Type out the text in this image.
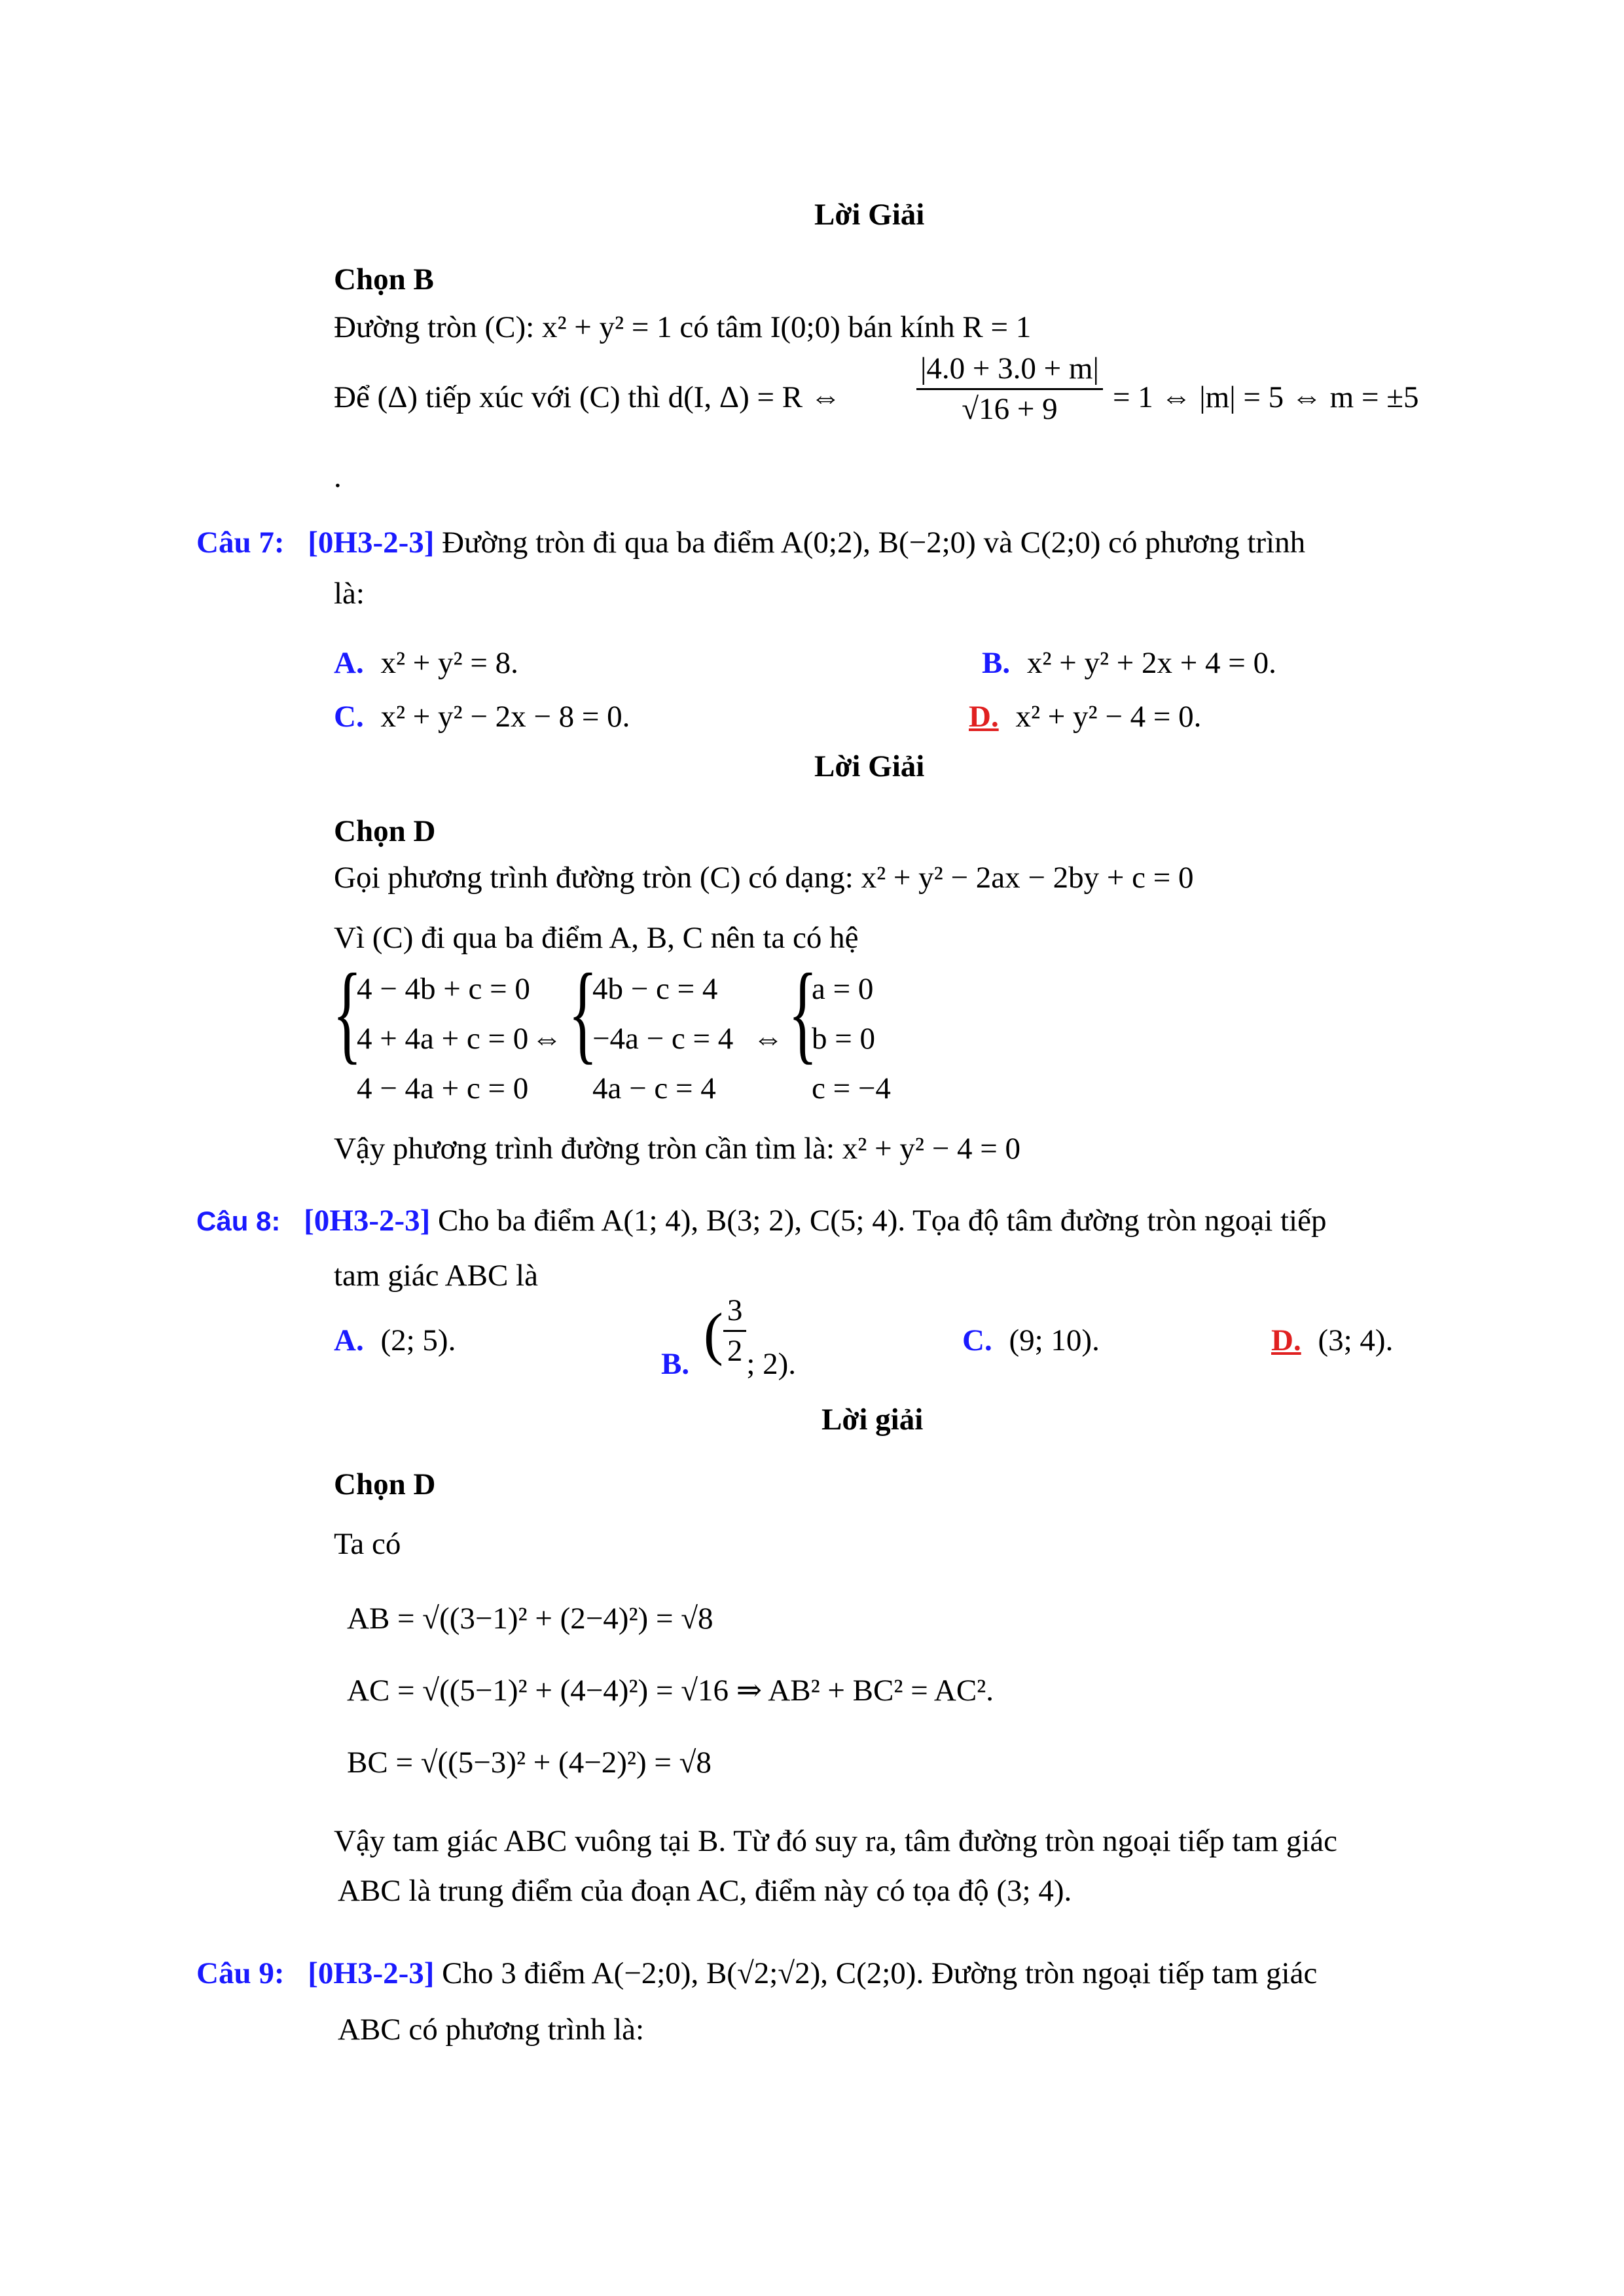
Lời Giải
Chọn B
Đường tròn (C): x² + y² = 1 có tâm I(0;0) bán kính R = 1
Để (Δ) tiếp xúc với (C) thì d(I, Δ) = R ⇔ $\frac{|4.0 + 3.0 + m|}{√16 + 9} = 1$ ⇔ |m| = 5 ⇔ m = ±5
.
Câu 7: [0H3-2-3] Đường tròn đi qua ba điểm A(0;2), B(−2;0) và C(2;0) có phương trình
là:
A. x² + y² = 8.	B. x² + y² + 2x + 4 = 0.
C. x² + y² − 2x − 8 = 0.	D. x² + y² − 4 = 0.
Lời Giải
Chọn D
Gọi phương trình đường tròn (C) có dạng: x² + y² − 2ax − 2by + c = 0
Vì (C) đi qua ba điểm A, B, C nên ta có hệ
{
4 − 4b + c = 0
4 + 4a + c = 0
4 − 4a + c = 0
⇔ {
4b − c = 4
−4a − c = 4
4a − c = 4
⇔ {
a = 0
b = 0
c = −4
Vậy phương trình đường tròn cần tìm là: x² + y² − 4 = 0
Câu 8: [0H3-2-3] Cho ba điểm A(1; 4), B(3; 2), C(5; 4). Tọa độ tâm đường tròn ngoại tiếp
tam giác ABC là
A. (2; 5).
B. ( $\frac{3}{2}$ ; 2).
C. (9; 10).	D. (3; 4).
Lời giải
Chọn D
Ta có
AB = √((3−1)² + (2−4)²) = √8
AC = √((5−1)² + (4−4)²) = √16 ⇒ AB² + BC² = AC².
BC = √((5−3)² + (4−2)²) = √8
Vậy tam giác ABC vuông tại B. Từ đó suy ra, tâm đường tròn ngoại tiếp tam giác
ABC là trung điểm của đoạn AC, điểm này có tọa độ (3; 4).
Câu 9: [0H3-2-3] Cho 3 điểm A(−2;0), B(√2;√2), C(2;0). Đường tròn ngoại tiếp tam giác
ABC có phương trình là:
